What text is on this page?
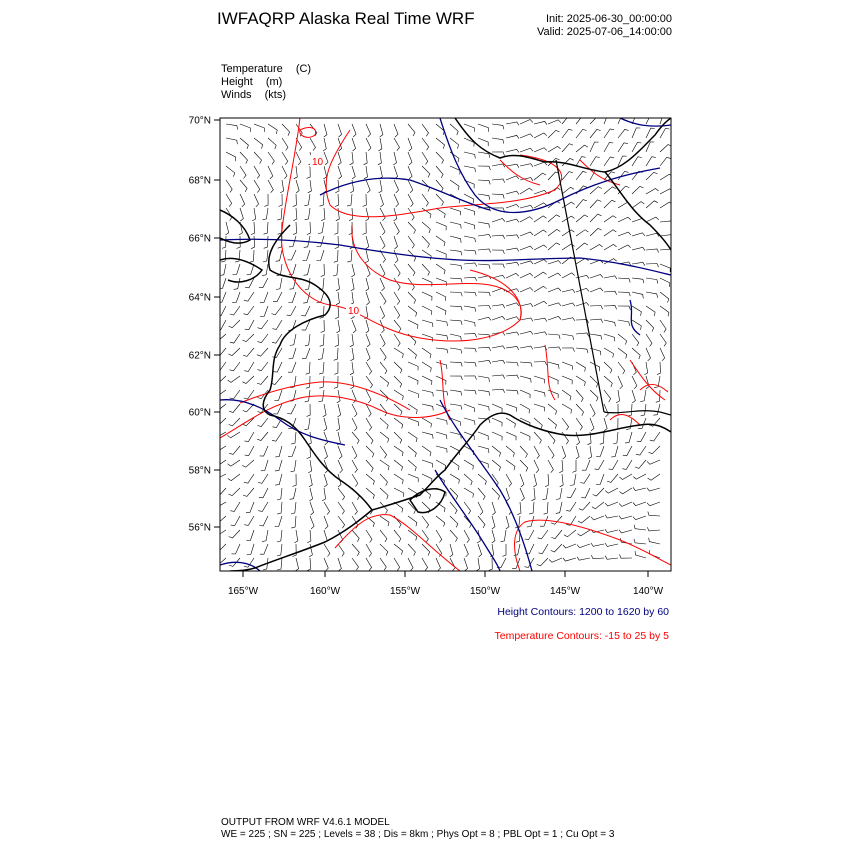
IWFAQRP Alaska Real Time WRF	Init: 2025-06-30_00:00:00
Valid: 2025-07-06_14:00:00
Temperature (C)
Height (m)
Winds (kts)
10
10
70°N
68°N
66°N
64°N
62°N
60°N
58°N
56°N
165°W	160°W	155°W	150°W	145°W	140°W
Height Contours: 1200 to 1620 by 60
Temperature Contours: -15 to 25 by 5
OUTPUT FROM WRF V4.6.1 MODEL
WE = 225 ; SN = 225 ; Levels = 38 ; Dis = 8km ; Phys Opt = 8 ; PBL Opt = 1 ; Cu Opt = 3
